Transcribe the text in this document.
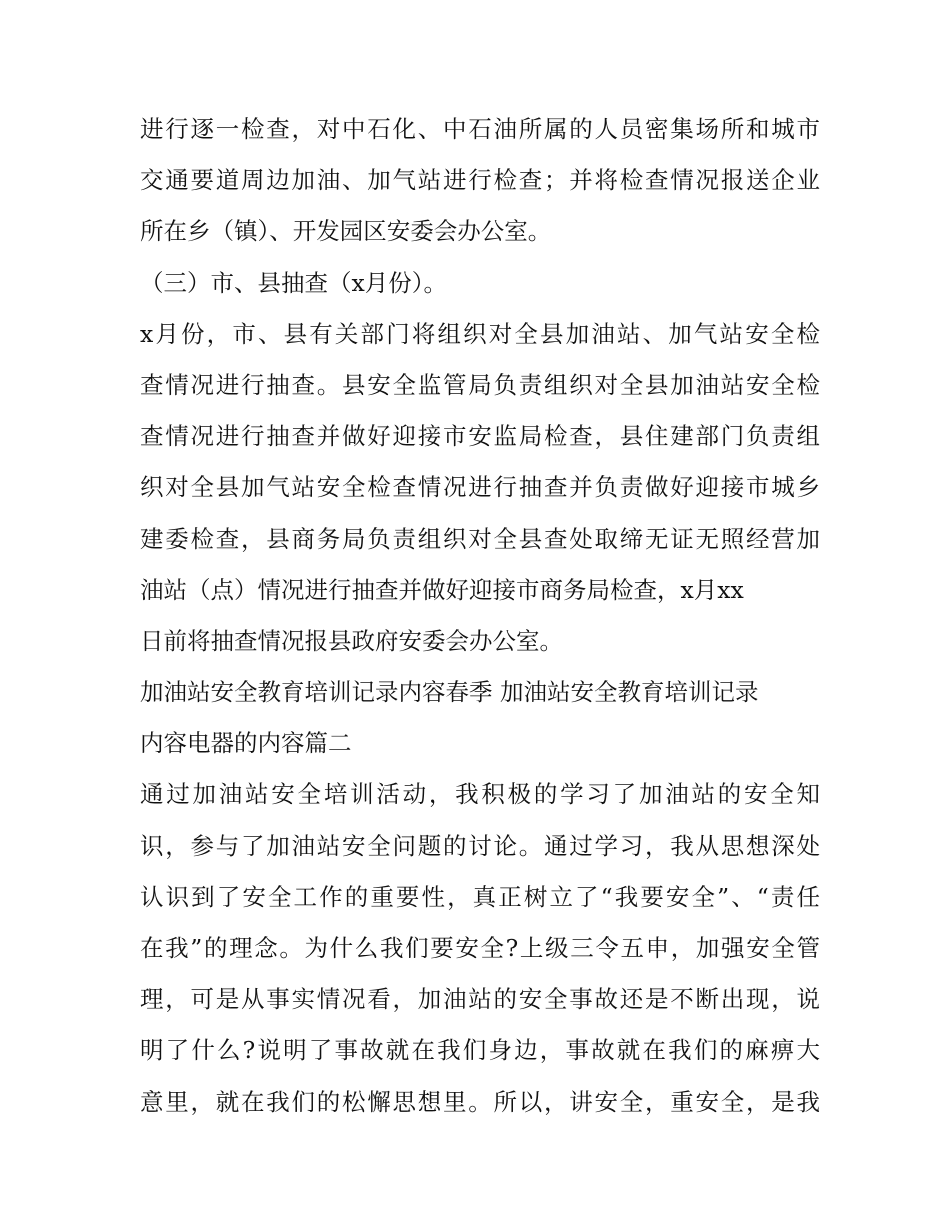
进行逐一检查，对中石化、中石油所属的人员密集场所和城市
交通要道周边加油、加气站进行检查；并将检查情况报送企业
所在乡（镇）、开发园区安委会办公室。
（三）市、县抽查（x月份）。
x月份，市、县有关部门将组织对全县加油站、加气站安全检
查情况进行抽查。县安全监管局负责组织对全县加油站安全检
查情况进行抽查并做好迎接市安监局检查，县住建部门负责组
织对全县加气站安全检查情况进行抽查并负责做好迎接市城乡
建委检查，县商务局负责组织对全县查处取缔无证无照经营加
油站（点）情况进行抽查并做好迎接市商务局检查，x月xx
日前将抽查情况报县政府安委会办公室。
加油站安全教育培训记录内容春季 加油站安全教育培训记录
内容电器的内容篇二
通过加油站安全培训活动，我积极的学习了加油站的安全知
识，参与了加油站安全问题的讨论。通过学习，我从思想深处
认识到了安全工作的重要性，真正树立了“我要安全”、“责任
在我”的理念。为什么我们要安全?上级三令五申，加强安全管
理，可是从事实情况看，加油站的安全事故还是不断出现，说
明了什么?说明了事故就在我们身边，事故就在我们的麻痹大
意里，就在我们的松懈思想里。所以，讲安全，重安全，是我
